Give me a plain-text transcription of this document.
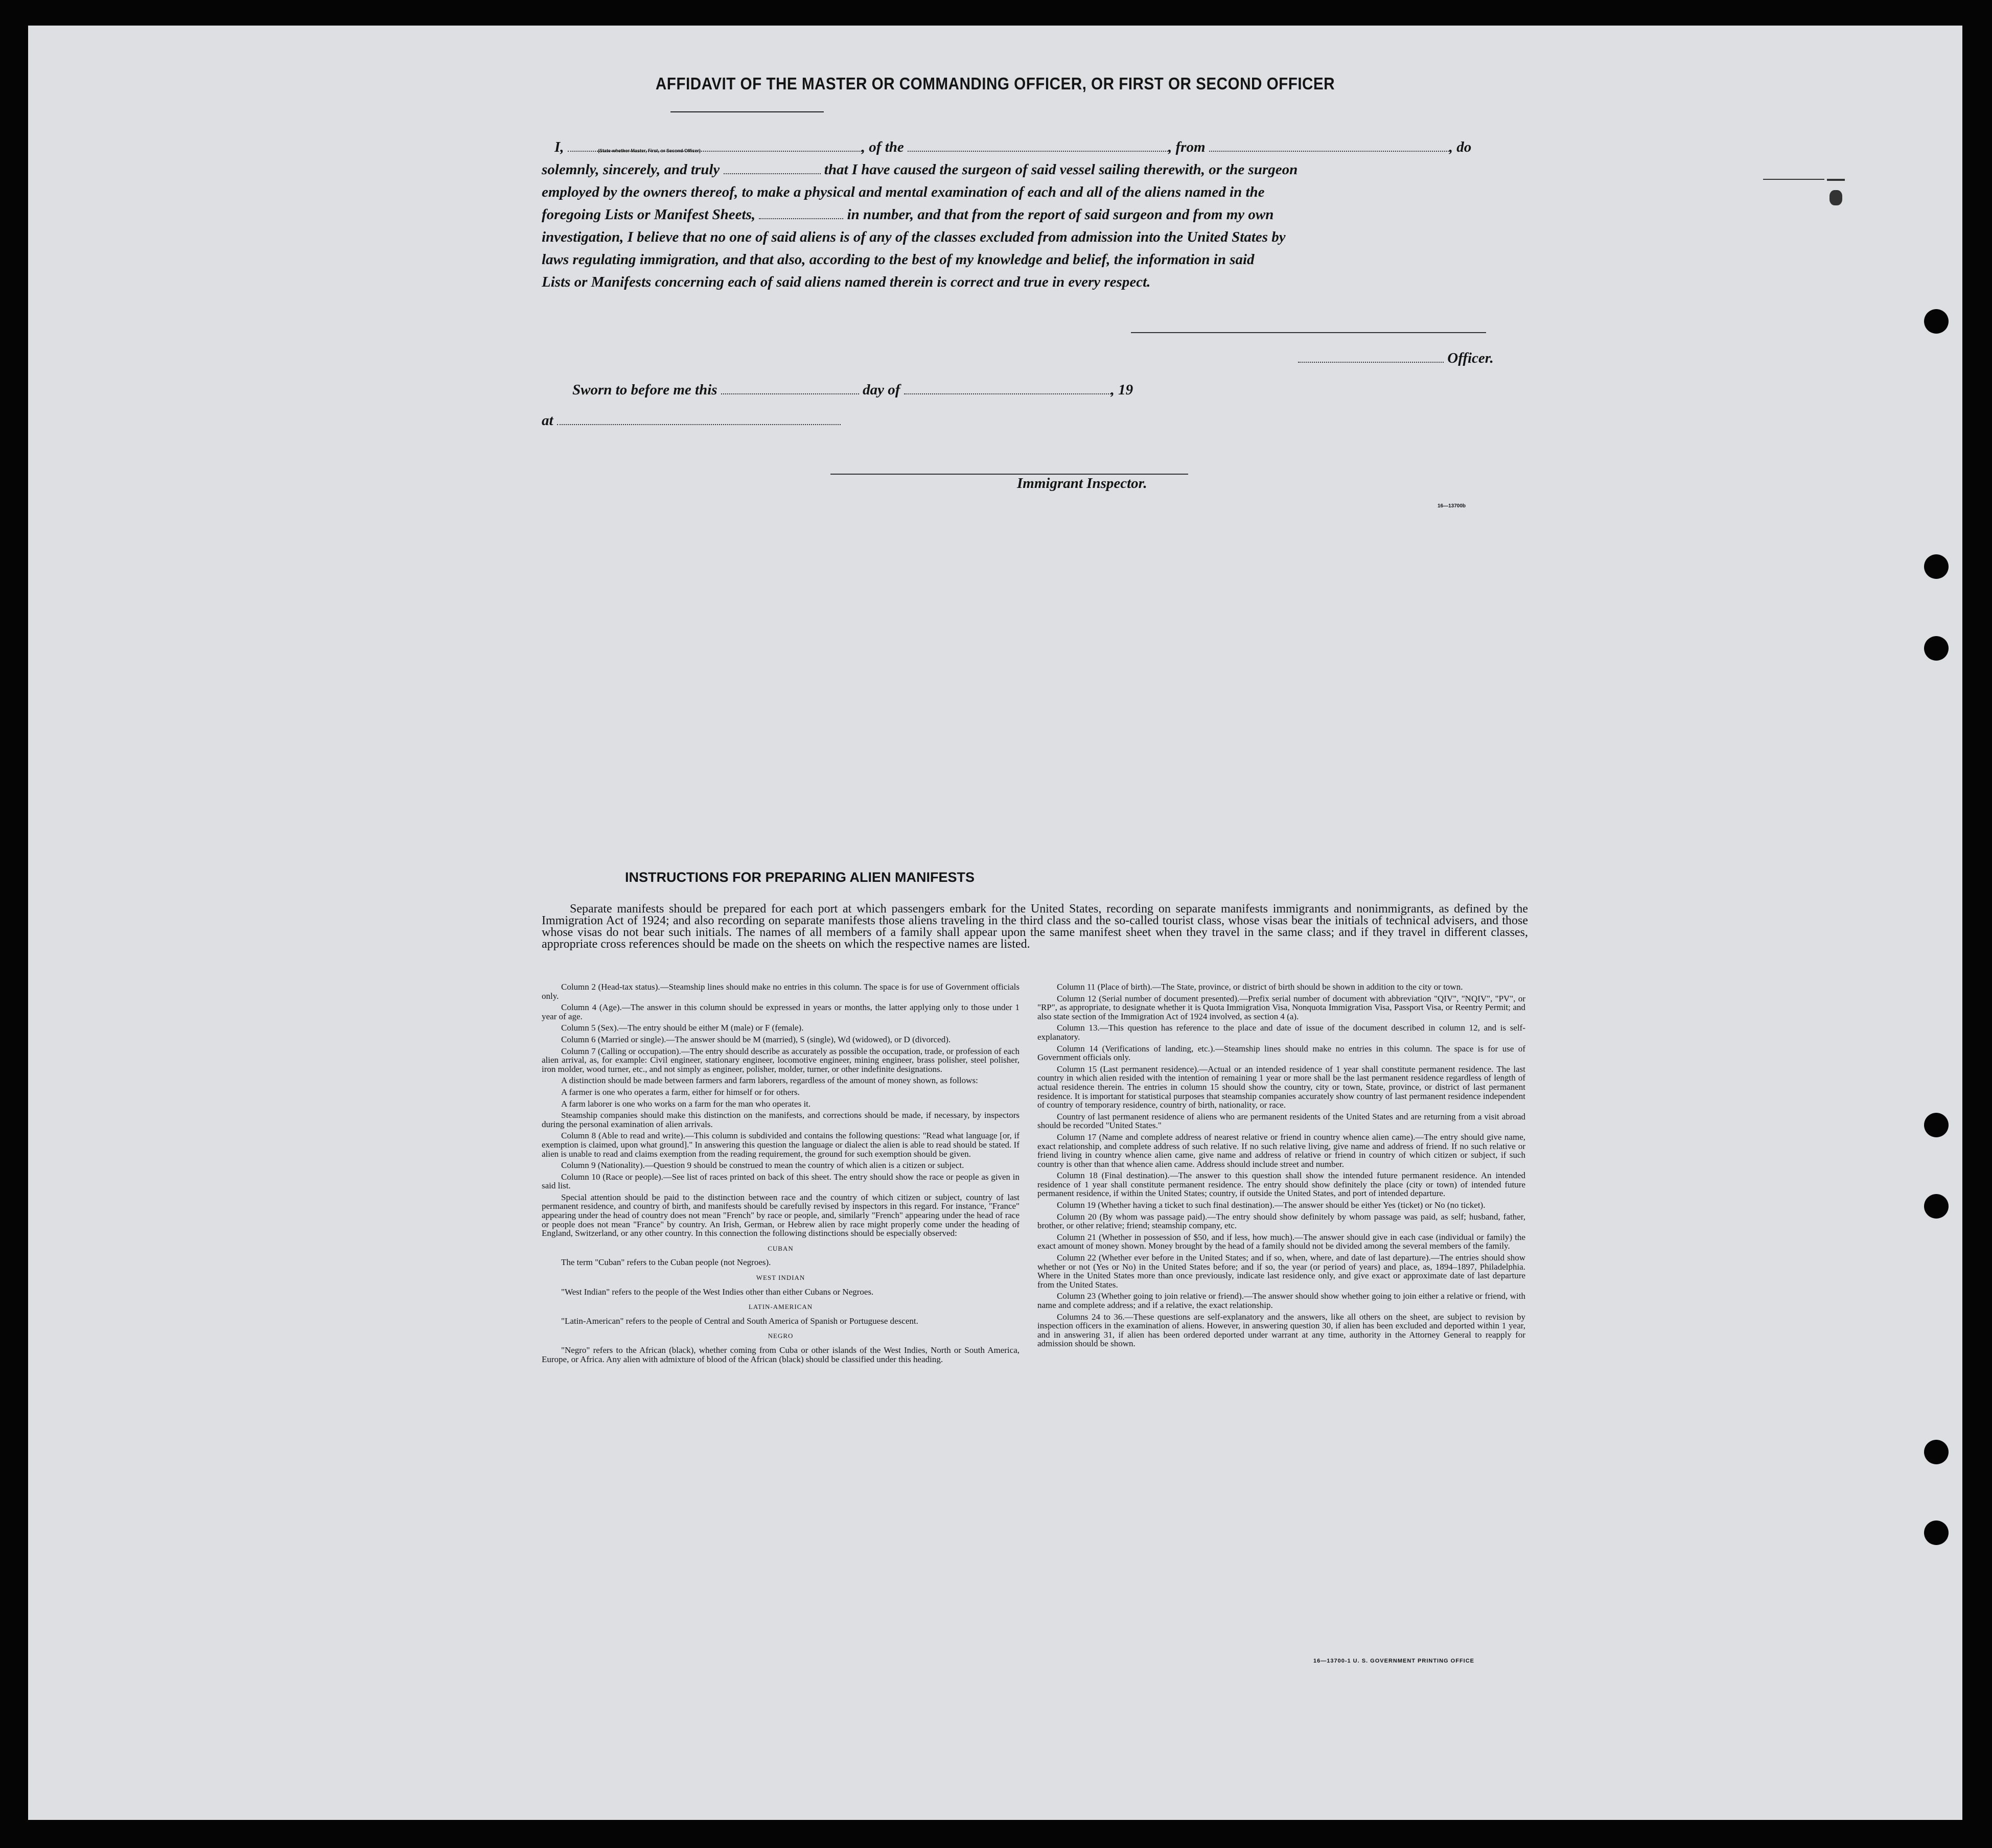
AFFIDAVIT OF THE MASTER OR COMMANDING OFFICER, OR FIRST OR SECOND OFFICER
I,	, of the	, from	, do
(State whether Master, First, or Second Officer)
solemnly, sincerely, and truly	that I have caused the surgeon of said vessel sailing therewith, or the surgeon
employed by the owners thereof, to make a physical and mental examination of each and all of the aliens named in the
foregoing Lists or Manifest Sheets,	in number, and that from the report of said surgeon and from my own
investigation, I believe that no one of said aliens is of any of the classes excluded from admission into the United States by
laws regulating immigration, and that also, according to the best of my knowledge and belief, the information in said
Lists or Manifests concerning each of said aliens named therein is correct and true in every respect.
Officer.
Sworn to before me this	day of	, 19
at
Immigrant Inspector.
16—13700b
INSTRUCTIONS FOR PREPARING ALIEN MANIFESTS
Separate manifests should be prepared for each port at which passengers embark for the United States, recording on separate manifests immigrants and nonimmigrants, as defined by the Immigration Act of 1924; and also recording on separate manifests those aliens traveling in the third class and the so-called tourist class, whose visas bear the initials of technical advisers, and those whose visas do not bear such initials. The names of all members of a family shall appear upon the same manifest sheet when they travel in the same class; and if they travel in different classes, appropriate cross references should be made on the sheets on which the respective names are listed.

Column 2 (Head-tax status).—Steamship lines should make no entries in this column. The space is for use of Government officials only.

Column 4 (Age).—The answer in this column should be expressed in years or months, the latter applying only to those under 1 year of age.

Column 5 (Sex).—The entry should be either M (male) or F (female).

Column 6 (Married or single).—The answer should be M (married), S (single), Wd (widowed), or D (divorced).

Column 7 (Calling or occupation).—The entry should describe as accurately as possible the occupation, trade, or profession of each alien arrival, as, for example: Civil engineer, stationary engineer, locomotive engineer, mining engineer, brass polisher, steel polisher, iron molder, wood turner, etc., and not simply as engineer, polisher, molder, turner, or other indefinite designations.

A distinction should be made between farmers and farm laborers, regardless of the amount of money shown, as follows:

A farmer is one who operates a farm, either for himself or for others.

A farm laborer is one who works on a farm for the man who operates it.

Steamship companies should make this distinction on the manifests, and corrections should be made, if necessary, by inspectors during the personal examination of alien arrivals.

Column 8 (Able to read and write).—This column is subdivided and contains the following questions: "Read what language [or, if exemption is claimed, upon what ground]." In answering this question the language or dialect the alien is able to read should be stated. If alien is unable to read and claims exemption from the reading requirement, the ground for such exemption should be given.

Column 9 (Nationality).—Question 9 should be construed to mean the country of which alien is a citizen or subject.

Column 10 (Race or people).—See list of races printed on back of this sheet. The entry should show the race or people as given in said list.

Special attention should be paid to the distinction between race and the country of which citizen or subject, country of last permanent residence, and country of birth, and manifests should be carefully revised by inspectors in this regard. For instance, "France" appearing under the head of country does not mean "French" by race or people, and, similarly "French" appearing under the head of race or people does not mean "France" by country. An Irish, German, or Hebrew alien by race might properly come under the heading of England, Switzerland, or any other country. In this connection the following distinctions should be especially observed:

CUBAN

The term "Cuban" refers to the Cuban people (not Negroes).

WEST INDIAN

"West Indian" refers to the people of the West Indies other than either Cubans or Negroes.

LATIN-AMERICAN

"Latin-American" refers to the people of Central and South America of Spanish or Portuguese descent.

NEGRO

"Negro" refers to the African (black), whether coming from Cuba or other islands of the West Indies, North or South America, Europe, or Africa. Any alien with admixture of blood of the African (black) should be classified under this heading.

Column 11 (Place of birth).—The State, province, or district of birth should be shown in addition to the city or town.

Column 12 (Serial number of document presented).—Prefix serial number of document with abbreviation "QIV", "NQIV", "PV", or "RP", as appropriate, to designate whether it is Quota Immigration Visa, Nonquota Immigration Visa, Passport Visa, or Reentry Permit; and also state section of the Immigration Act of 1924 involved, as section 4 (a).

Column 13.—This question has reference to the place and date of issue of the document described in column 12, and is self-explanatory.

Column 14 (Verifications of landing, etc.).—Steamship lines should make no entries in this column. The space is for use of Government officials only.

Column 15 (Last permanent residence).—Actual or an intended residence of 1 year shall constitute permanent residence. The last country in which alien resided with the intention of remaining 1 year or more shall be the last permanent residence regardless of length of actual residence therein. The entries in column 15 should show the country, city or town, State, province, or district of last permanent residence. It is important for statistical purposes that steamship companies accurately show country of last permanent residence independent of country of temporary residence, country of birth, nationality, or race.

Country of last permanent residence of aliens who are permanent residents of the United States and are returning from a visit abroad should be recorded "United States."

Column 17 (Name and complete address of nearest relative or friend in country whence alien came).—The entry should give name, exact relationship, and complete address of such relative. If no such relative living, give name and address of friend. If no such relative or friend living in country whence alien came, give name and address of relative or friend in country of which citizen or subject, if such country is other than that whence alien came. Address should include street and number.

Column 18 (Final destination).—The answer to this question shall show the intended future permanent residence. An intended residence of 1 year shall constitute permanent residence. The entry should show definitely the place (city or town) of intended future permanent residence, if within the United States; country, if outside the United States, and port of intended departure.

Column 19 (Whether having a ticket to such final destination).—The answer should be either Yes (ticket) or No (no ticket).

Column 20 (By whom was passage paid).—The entry should show definitely by whom passage was paid, as self; husband, father, brother, or other relative; friend; steamship company, etc.

Column 21 (Whether in possession of $50, and if less, how much).—The answer should give in each case (individual or family) the exact amount of money shown. Money brought by the head of a family should not be divided among the several members of the family.

Column 22 (Whether ever before in the United States; and if so, when, where, and date of last departure).—The entries should show whether or not (Yes or No) in the United States before; and if so, the year (or period of years) and place, as, 1894–1897, Philadelphia. Where in the United States more than once previously, indicate last residence only, and give exact or approximate date of last departure from the United States.

Column 23 (Whether going to join relative or friend).—The answer should show whether going to join either a relative or friend, with name and complete address; and if a relative, the exact relationship.

Columns 24 to 36.—These questions are self-explanatory and the answers, like all others on the sheet, are subject to revision by inspection officers in the examination of aliens. However, in answering question 30, if alien has been excluded and deported within 1 year, and in answering 31, if alien has been ordered deported under warrant at any time, authority in the Attorney General to reapply for admission should be shown.

16—13700-1 U. S. GOVERNMENT PRINTING OFFICE
